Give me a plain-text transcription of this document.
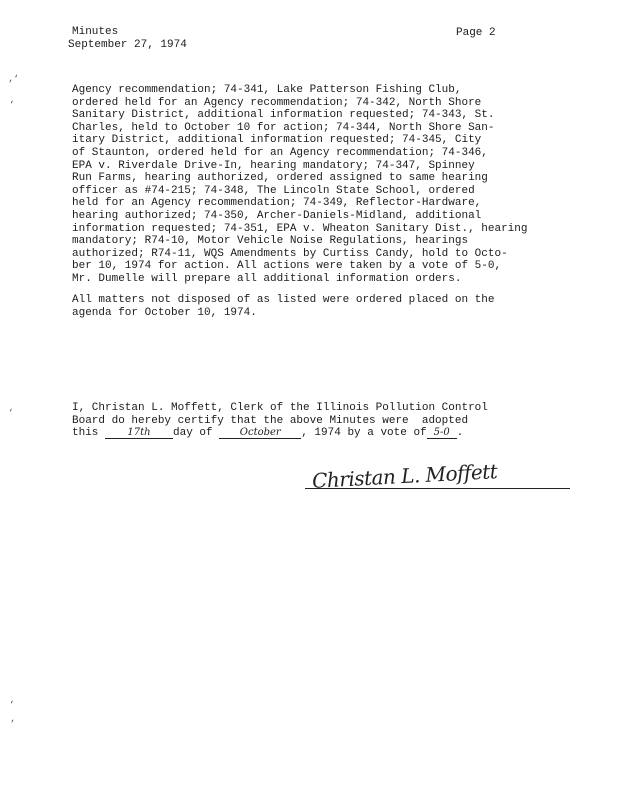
Minutes
September 27, 1974
Page 2
‚‘
‘
‘
‘
‚
Agency recommendation; 74-341, Lake Patterson Fishing Club,
ordered held for an Agency recommendation; 74-342, North Shore
Sanitary District, additional information requested; 74-343, St.
Charles, held to October 10 for action; 74-344, North Shore San-
itary District, additional information requested; 74-345, City
of Staunton, ordered held for an Agency recommendation; 74-346,
EPA v. Riverdale Drive-In, hearing mandatory; 74-347, Spinney
Run Farms, hearing authorized, ordered assigned to same hearing
officer as #74-215; 74-348, The Lincoln State School, ordered
held for an Agency recommendation; 74-349, Reflector-Hardware,
hearing authorized; 74-350, Archer-Daniels-Midland, additional
information requested; 74-351, EPA v. Wheaton Sanitary Dist., hearing
mandatory; R74-10, Motor Vehicle Noise Regulations, hearings
authorized; R74-11, WQS Amendments by Curtiss Candy, hold to Octo-
ber 10, 1974 for action. All actions were taken by a vote of 5-0,
Mr. Dumelle will prepare all additional information orders.
All matters not disposed of as listed were ordered placed on the
agenda for October 10, 1974.
I, Christan L. Moffett, Clerk of the Illinois Pollution Control
Board do hereby certify that the above Minutes were  adopted
this	17th day of	October , 1974 by a vote of 5-0 .
Christan L. Moffett
